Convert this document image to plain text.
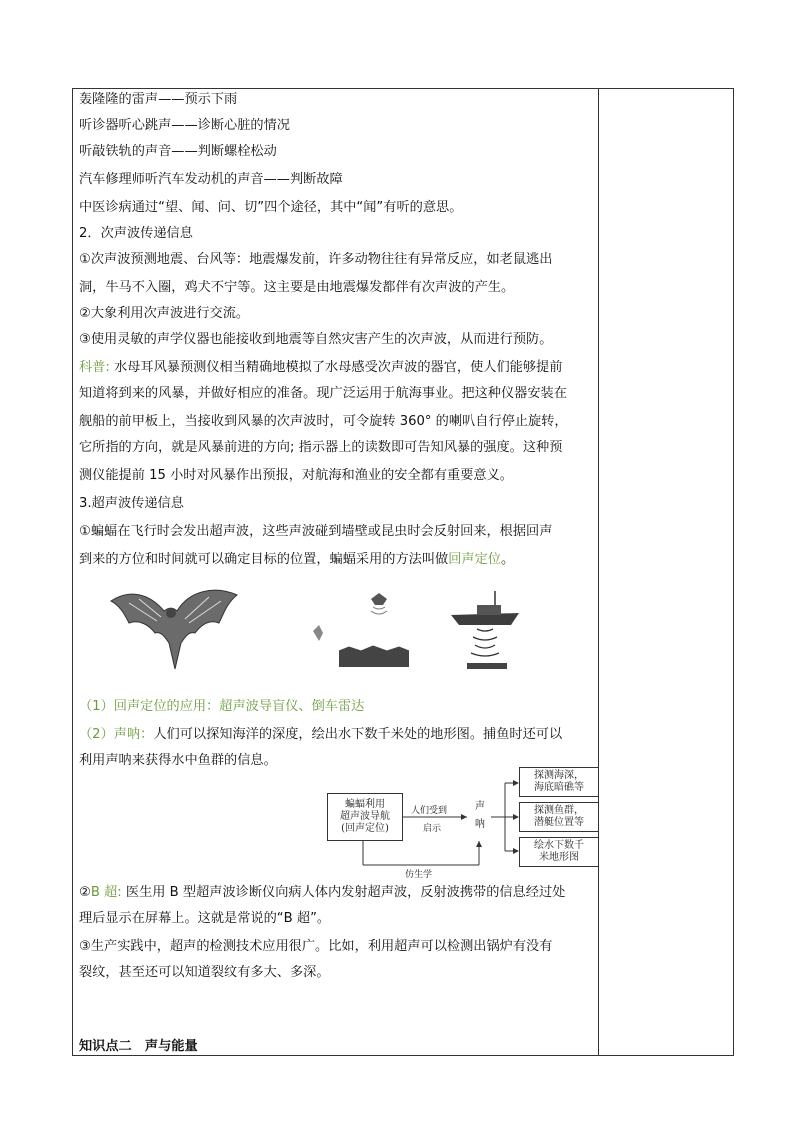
轰隆隆的雷声——预示下雨
听诊器听心跳声——诊断心脏的情况
听敲铁轨的声音——判断螺栓松动
汽车修理师听汽车发动机的声音——判断故障
中医诊病通过“望、闻、问、切”四个途径，其中“闻”有听的意思。
2．次声波传递信息
①次声波预测地震、台风等：地震爆发前，许多动物往往有异常反应，如老鼠逃出
洞，牛马不入圈，鸡犬不宁等。这主要是由地震爆发都伴有次声波的产生。
②大象利用次声波进行交流。
③使用灵敏的声学仪器也能接收到地震等自然灾害产生的次声波，从而进行预防。
科普: 水母耳风暴预测仪相当精确地模拟了水母感受次声波的器官，使人们能够提前
知道将到来的风暴，并做好相应的准备。现广泛运用于航海事业。把这种仪器安装在
舰船的前甲板上，当接收到风暴的次声波时，可令旋转 360° 的喇叭自行停止旋转，
它所指的方向，就是风暴前进的方向; 指示器上的读数即可告知风暴的强度。这种预
测仪能提前 15 小时对风暴作出预报，对航海和渔业的安全都有重要意义。
3.超声波传递信息
①蝙蝠在飞行时会发出超声波，这些声波碰到墙壁或昆虫时会反射回来，根据回声
到来的方位和时间就可以确定目标的位置，蝙蝠采用的方法叫做回声定位。
（1）回声定位的应用：超声波导盲仪、倒车雷达
（2）声呐：人们可以探知海洋的深度，绘出水下数千米处的地形图。捕鱼时还可以
利用声呐来获得水中鱼群的信息。
蝙蝠利用
超声波导航
(回声定位)
人们受到
启示
声
呐
仿生学
探测海深，
海底暗礁等
探测鱼群，
潜艇位置等
绘水下数千
米地形图
②B 超: 医生用 B 型超声波诊断仪向病人体内发射超声波，反射波携带的信息经过处
理后显示在屏幕上。这就是常说的“B 超”。
③生产实践中，超声的检测技术应用很广。比如，利用超声可以检测出锅炉有没有
裂纹，甚至还可以知道裂纹有多大、多深。
知识点二　声与能量
